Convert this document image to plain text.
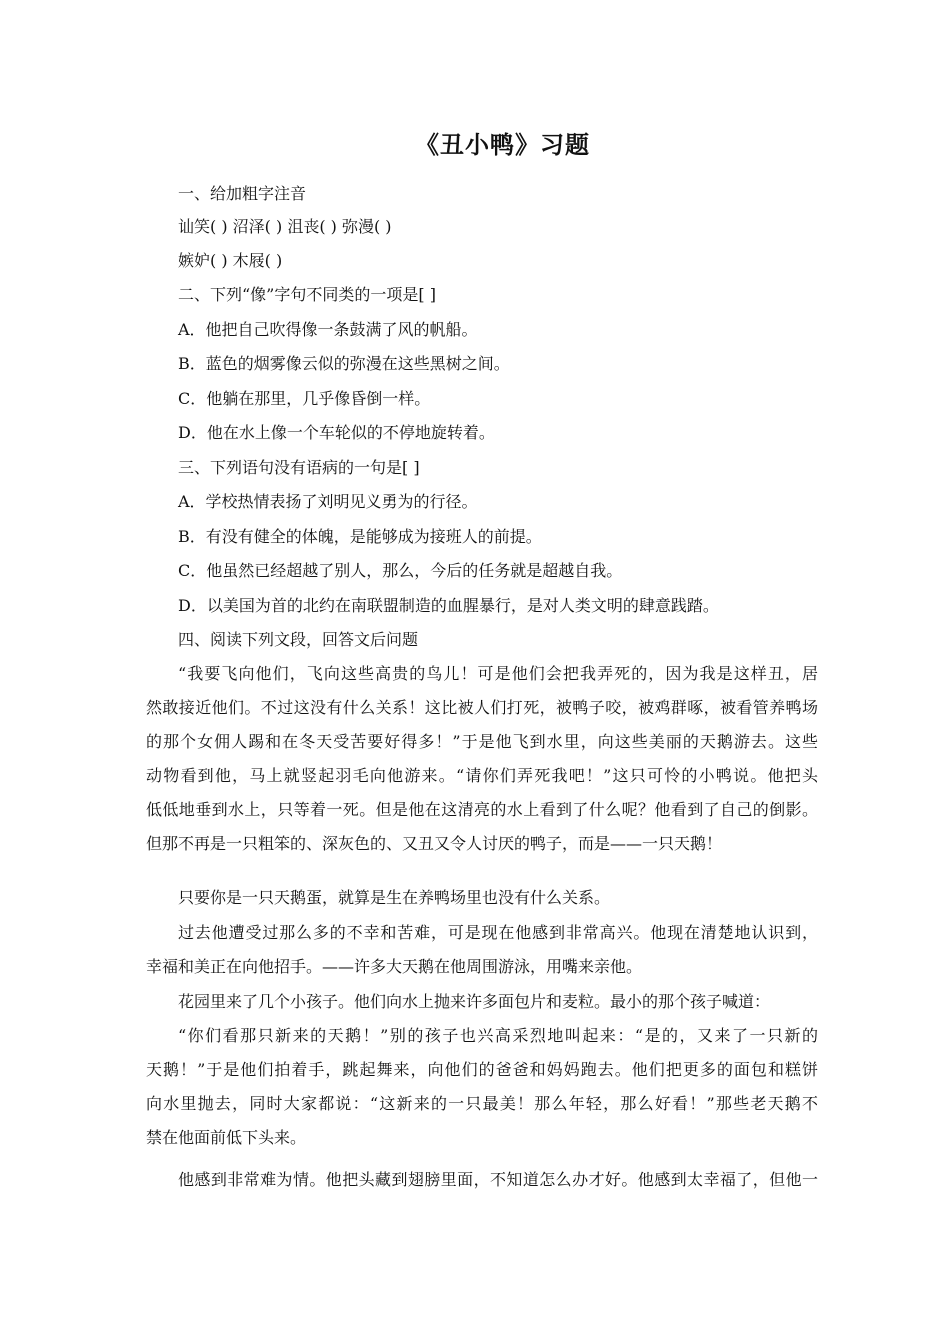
《丑小鸭》习题
一、给加粗字注音
讪笑( ) 沼泽( ) 沮丧( ) 弥漫( )
嫉妒( ) 木屐( )
二、下列“像”字句不同类的一项是[ ]
A．他把自己吹得像一条鼓满了风的帆船。
B．蓝色的烟雾像云似的弥漫在这些黑树之间。
C．他躺在那里，几乎像昏倒一样。
D．他在水上像一个车轮似的不停地旋转着。
三、下列语句没有语病的一句是[ ]
A．学校热情表扬了刘明见义勇为的行径。
B．有没有健全的体魄，是能够成为接班人的前提。
C．他虽然已经超越了别人，那么，今后的任务就是超越自我。
D．以美国为首的北约在南联盟制造的血腥暴行，是对人类文明的肆意践踏。
四、阅读下列文段，回答文后问题
“我要飞向他们，飞向这些高贵的鸟儿！可是他们会把我弄死的，因为我是这样丑，居
然敢接近他们。不过这没有什么关系！这比被人们打死，被鸭子咬，被鸡群啄，被看管养鸭场
的那个女佣人踢和在冬天受苦要好得多！”于是他飞到水里，向这些美丽的天鹅游去。这些
动物看到他，马上就竖起羽毛向他游来。“请你们弄死我吧！”这只可怜的小鸭说。他把头
低低地垂到水上，只等着一死。但是他在这清亮的水上看到了什么呢？他看到了自己的倒影。
但那不再是一只粗笨的、深灰色的、又丑又令人讨厌的鸭子，而是——一只天鹅！
只要你是一只天鹅蛋，就算是生在养鸭场里也没有什么关系。
过去他遭受过那么多的不幸和苦难，可是现在他感到非常高兴。他现在清楚地认识到，
幸福和美正在向他招手。——许多大天鹅在他周围游泳，用嘴来亲他。
花园里来了几个小孩子。他们向水上抛来许多面包片和麦粒。最小的那个孩子喊道：
“你们看那只新来的天鹅！”别的孩子也兴高采烈地叫起来：“是的，又来了一只新的
天鹅！”于是他们拍着手，跳起舞来，向他们的爸爸和妈妈跑去。他们把更多的面包和糕饼
向水里抛去，同时大家都说：“这新来的一只最美！那么年轻，那么好看！”那些老天鹅不
禁在他面前低下头来。
他感到非常难为情。他把头藏到翅膀里面，不知道怎么办才好。他感到太幸福了，但他一
